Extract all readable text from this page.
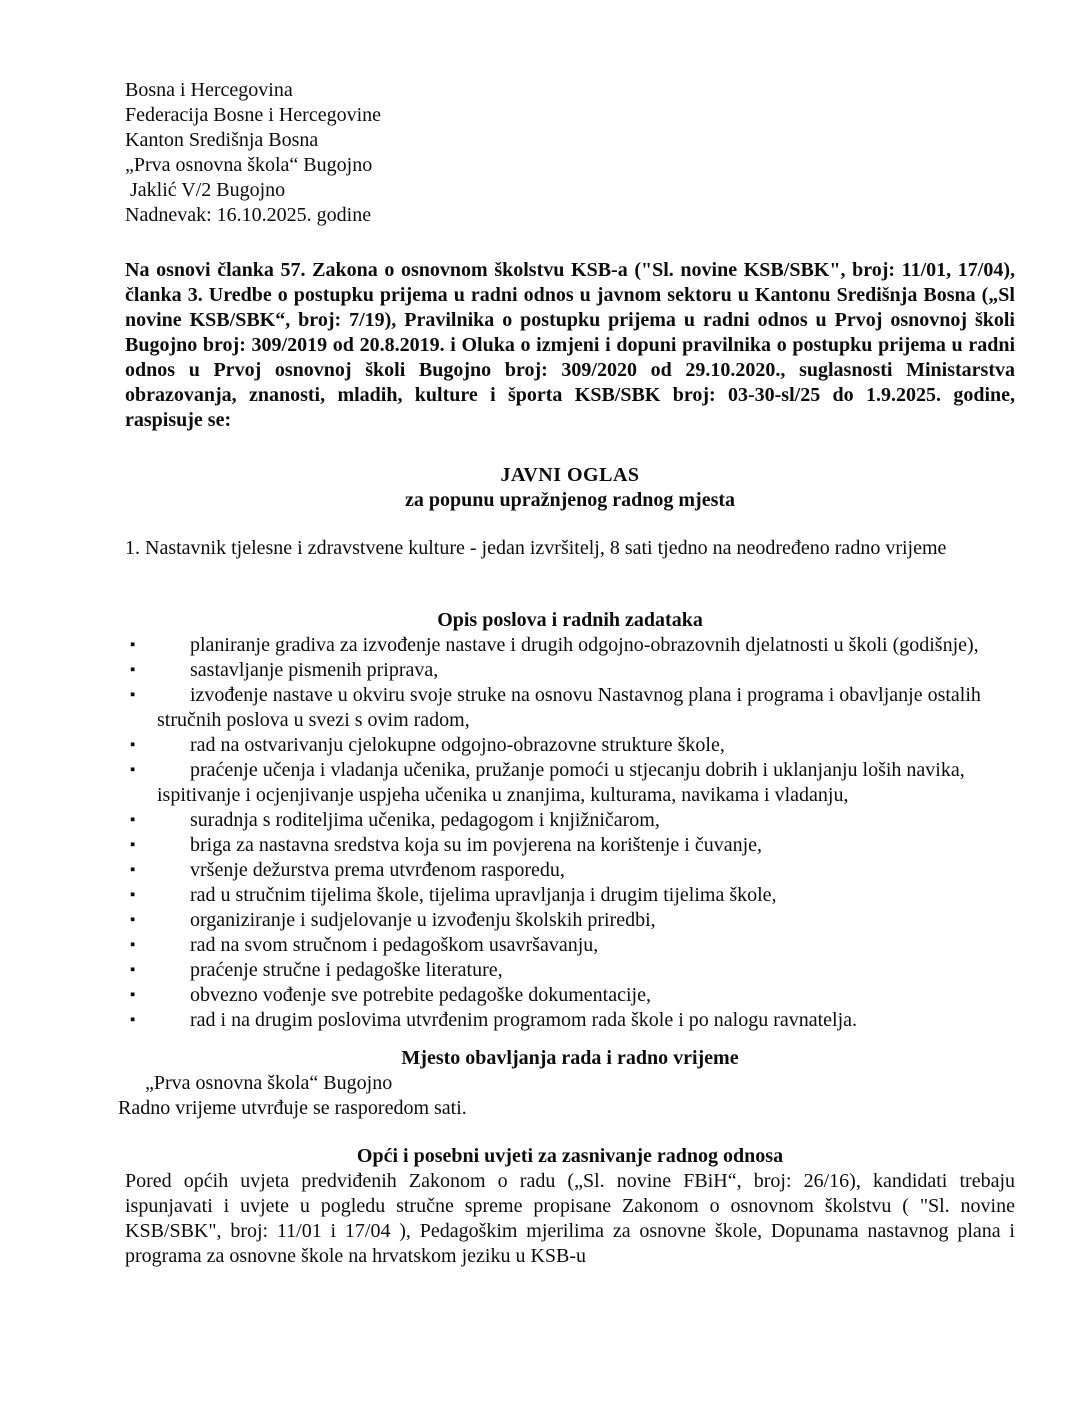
Bosna i Hercegovina
Federacija Bosne i Hercegovine
Kanton Središnja Bosna
„Prva osnovna škola“ Bugojno
Jaklić V/2 Bugojno
Nadnevak: 16.10.2025. godine

Na osnovi članka 57. Zakona o osnovnom školstvu KSB-a ("Sl. novine KSB/SBK", broj: 11/01, 17/04), članka 3. Uredbe o postupku prijema u radni odnos u javnom sektoru u Kantonu Središnja Bosna („Sl novine KSB/SBK“, broj: 7/19), Pravilnika o postupku prijema u radni odnos u Prvoj osnovnoj školi Bugojno broj: 309/2019 od 20.8.2019. i Oluka o izmjeni i dopuni pravilnika o postupku prijema u radni odnos u Prvoj osnovnoj školi Bugojno broj: 309/2020 od 29.10.2020., suglasnosti Ministarstva obrazovanja, znanosti, mladih, kulture i športa KSB/SBK broj: 03-30-sl/25 do 1.9.2025. godine, raspisuje se:

JAVNI OGLAS
za popunu upražnjenog radnog mjesta

1. Nastavnik tjelesne i zdravstvene kulture - jedan izvršitelj, 8 sati tjedno na neodređeno radno vrijeme

Opis poslova i radnih zadataka
▪	planiranje gradiva za izvođenje nastave i drugih odgojno-obrazovnih djelatnosti u školi (godišnje),
▪	sastavljanje pismenih priprava,
▪	izvođenje nastave u okviru svoje struke na osnovu Nastavnog plana i programa i obavljanje ostalih stručnih poslova u svezi s ovim radom,
▪	rad na ostvarivanju cjelokupne odgojno-obrazovne strukture škole,
▪	praćenje učenja i vladanja učenika, pružanje pomoći u stjecanju dobrih i uklanjanju loših navika, ispitivanje i ocjenjivanje uspjeha učenika u znanjima, kulturama, navikama i vladanju,
▪	suradnja s roditeljima učenika, pedagogom i knjižničarom,
▪	briga za nastavna sredstva koja su im povjerena na korištenje i čuvanje,
▪	vršenje dežurstva prema utvrđenom rasporedu,
▪	rad u stručnim tijelima škole, tijelima upravljanja i drugim tijelima škole,
▪	organiziranje i sudjelovanje u izvođenju školskih priredbi,
▪	rad na svom stručnom i pedagoškom usavršavanju,
▪	praćenje stručne i pedagoške literature,
▪	obvezno vođenje sve potrebite pedagoške dokumentacije,
▪	rad i na drugim poslovima utvrđenim programom rada škole i po nalogu ravnatelja.
Mjesto obavljanja rada i radno vrijeme

„Prva osnovna škola“ Bugojno

Radno vrijeme utvrđuje se rasporedom sati.

Opći i posebni uvjeti za zasnivanje radnog odnosa

Pored općih uvjeta predviđenih Zakonom o radu („Sl. novine FBiH“, broj: 26/16), kandidati trebaju ispunjavati i uvjete u pogledu stručne spreme propisane Zakonom o osnovnom školstvu ( "Sl. novine KSB/SBK", broj: 11/01 i 17/04 ), Pedagoškim mjerilima za osnovne škole, Dopunama nastavnog plana i programa za osnovne škole na hrvatskom jeziku u KSB-u
